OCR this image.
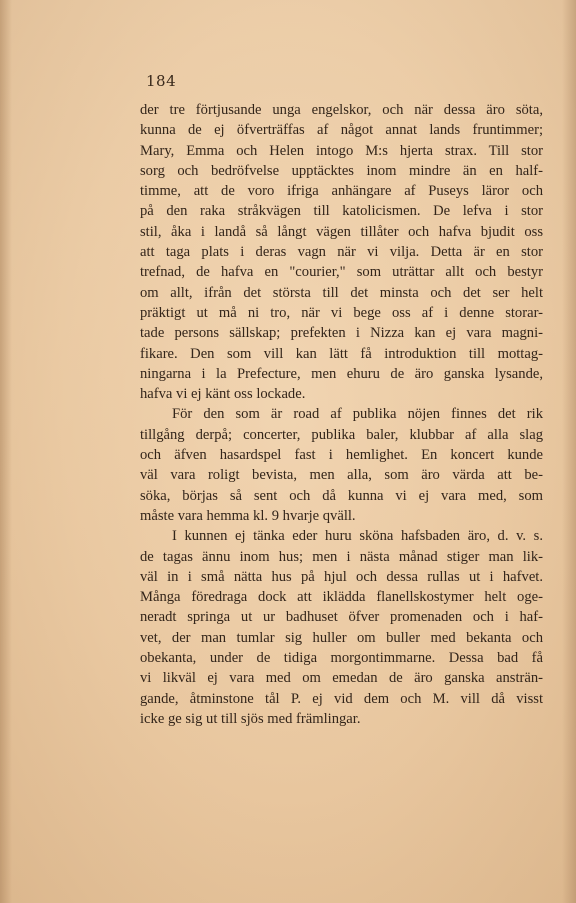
184
der tre förtjusande unga engelskor, och när dessa äro söta,
kunna de ej öfverträffas af något annat lands fruntimmer;
Mary, Emma och Helen intogo M:s hjerta strax. Till stor
sorg och bedröfvelse upptäcktes inom mindre än en half-
timme, att de voro ifriga anhängare af Puseys läror och
på den raka stråkvägen till katolicismen. De lefva i stor
stil, åka i landå så långt vägen tillåter och hafva bjudit oss
att taga plats i deras vagn när vi vilja. Detta är en stor
trefnad, de hafva en "courier," som uträttar allt och bestyr
om allt, ifrån det största till det minsta och det ser helt
präktigt ut må ni tro, när vi bege oss af i denne storar-
tade persons sällskap; prefekten i Nizza kan ej vara magni-
fikare. Den som vill kan lätt få introduktion till mottag-
ningarna i la Prefecture, men ehuru de äro ganska lysande,
hafva vi ej känt oss lockade.
För den som är road af publika nöjen finnes det rik
tillgång derpå; concerter, publika baler, klubbar af alla slag
och äfven hasardspel fast i hemlighet. En koncert kunde
väl vara roligt bevista, men alla, som äro värda att be-
söka, börjas så sent och då kunna vi ej vara med, som
måste vara hemma kl. 9 hvarje qväll.
I kunnen ej tänka eder huru sköna hafsbaden äro, d. v. s.
de tagas ännu inom hus; men i nästa månad stiger man lik-
väl in i små nätta hus på hjul och dessa rullas ut i hafvet.
Många föredraga dock att iklädda flanellskostymer helt oge-
neradt springa ut ur badhuset öfver promenaden och i haf-
vet, der man tumlar sig huller om buller med bekanta och
obekanta, under de tidiga morgontimmarne. Dessa bad få
vi likväl ej vara med om emedan de äro ganska ansträn-
gande, åtminstone tål P. ej vid dem och M. vill då visst
icke ge sig ut till sjös med främlingar.
